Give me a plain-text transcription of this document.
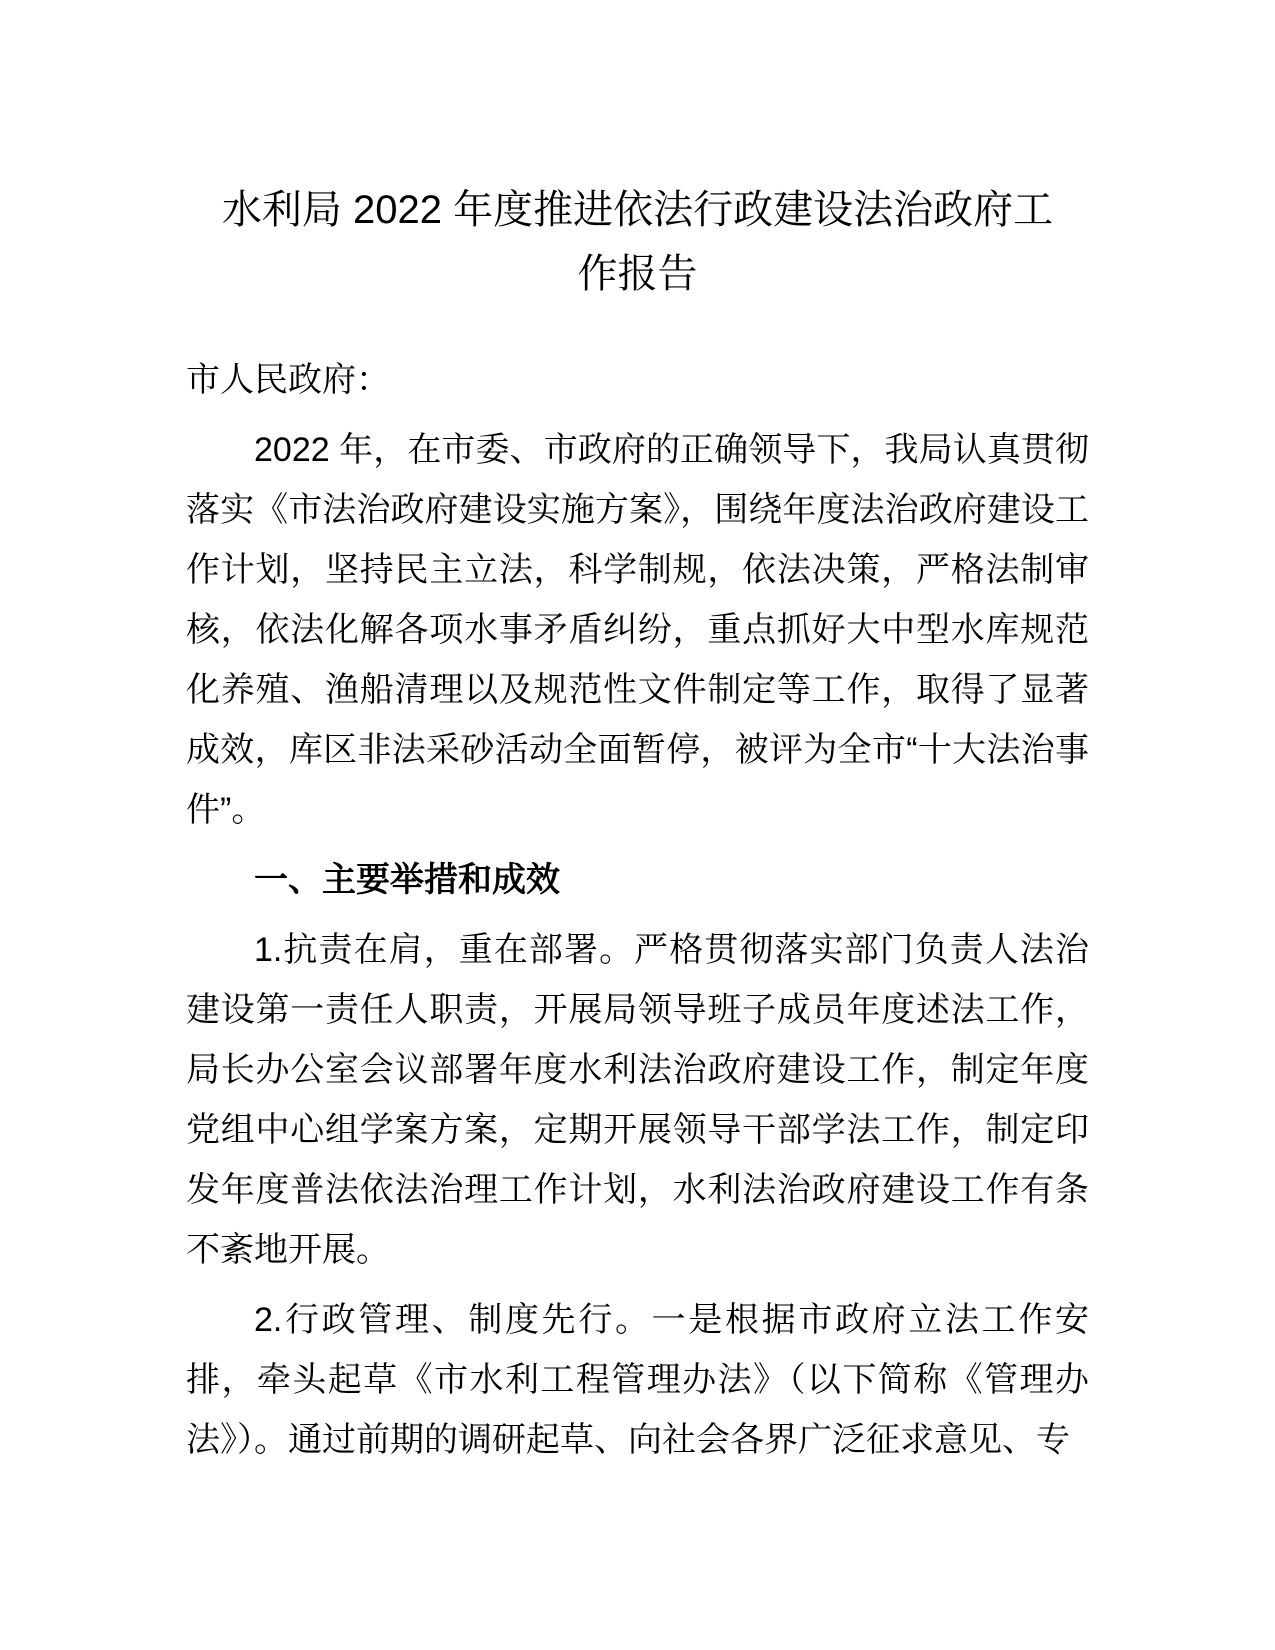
水利局 2022 年度推进依法行政建设法治政府工
作报告

市人民政府：

2022 年，在市委、市政府的正确领导下，我局认真贯彻落实《市法治政府建设实施方案》，围绕年度法治政府建设工作计划，坚持民主立法，科学制规，依法决策，严格法制审核，依法化解各项水事矛盾纠纷，重点抓好大中型水库规范化养殖、渔船清理以及规范性文件制定等工作，取得了显著成效，库区非法采砂活动全面暂停，被评为全市“十大法治事件”。

一、主要举措和成效

1.抗责在肩，重在部署。严格贯彻落实部门负责人法治建设第一责任人职责，开展局领导班子成员年度述法工作，局长办公室会议部署年度水利法治政府建设工作，制定年度党组中心组学案方案，定期开展领导干部学法工作，制定印发年度普法依法治理工作计划，水利法治政府建设工作有条不紊地开展。

2.行政管理、制度先行。一是根据市政府立法工作安排，牵头起草《市水利工程管理办法》（以下简称《管理办法》）。通过前期的调研起草、向社会各界广泛征求意见、专
